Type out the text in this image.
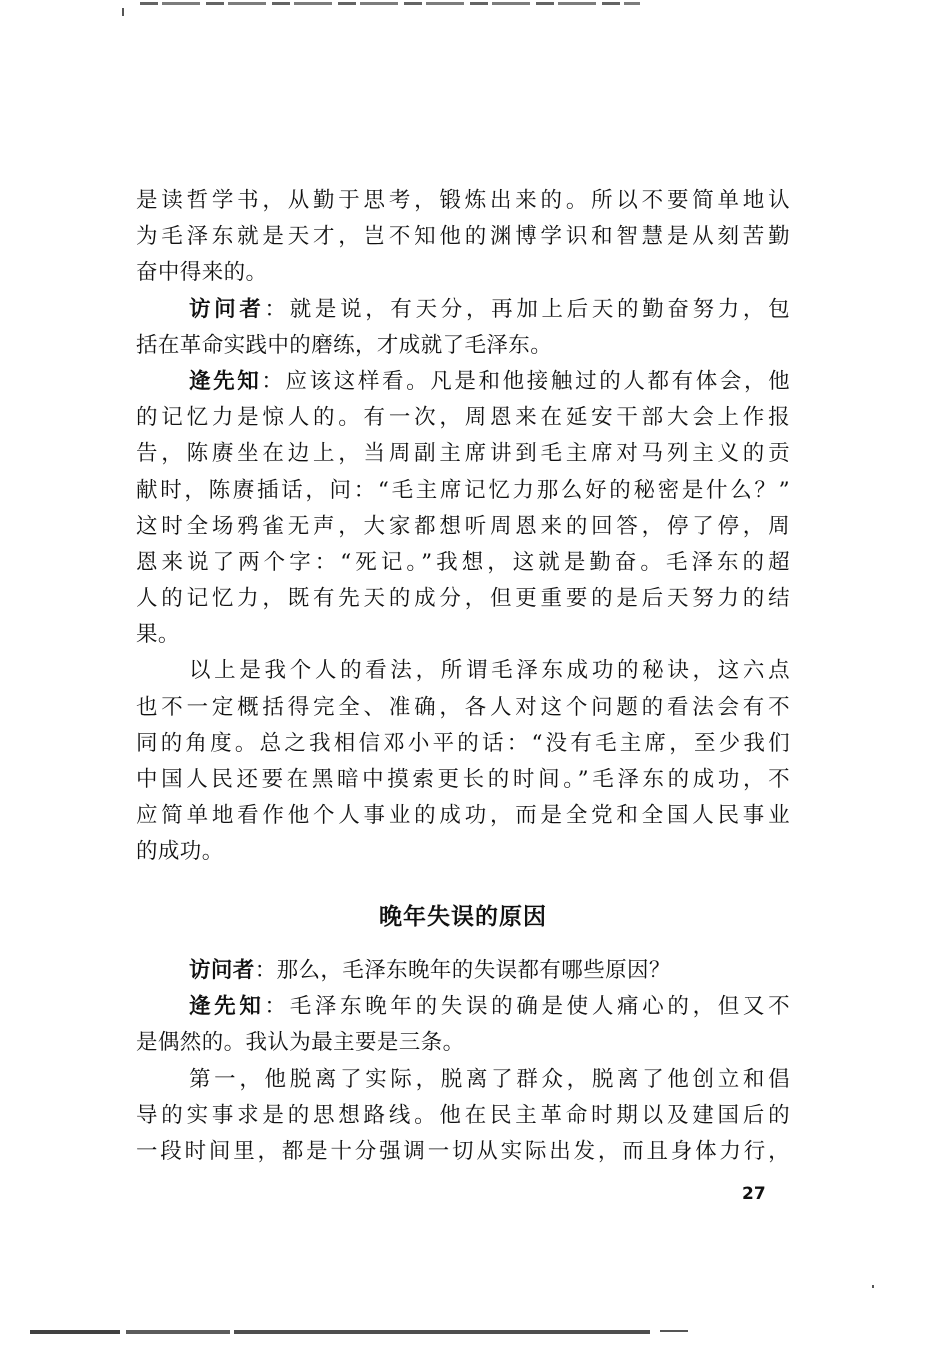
是读哲学书，从勤于思考，锻炼出来的。所以不要简单地认
为毛泽东就是天才，岂不知他的渊博学识和智慧是从刻苦勤
奋中得来的。
访问者：就是说，有天分，再加上后天的勤奋努力，包
括在革命实践中的磨练，才成就了毛泽东。
逄先知：应该这样看。凡是和他接触过的人都有体会，他
的记忆力是惊人的。有一次，周恩来在延安干部大会上作报
告，陈赓坐在边上，当周副主席讲到毛主席对马列主义的贡
献时，陈赓插话，问：“毛主席记忆力那么好的秘密是什么？”
这时全场鸦雀无声，大家都想听周恩来的回答，停了停，周
恩来说了两个字：“死记。”我想，这就是勤奋。毛泽东的超
人的记忆力，既有先天的成分，但更重要的是后天努力的结
果。
以上是我个人的看法，所谓毛泽东成功的秘诀，这六点
也不一定概括得完全、准确，各人对这个问题的看法会有不
同的角度。总之我相信邓小平的话：“没有毛主席，至少我们
中国人民还要在黑暗中摸索更长的时间。”毛泽东的成功，不
应简单地看作他个人事业的成功，而是全党和全国人民事业
的成功。
晚年失误的原因
访问者：那么，毛泽东晚年的失误都有哪些原因？
逄先知：毛泽东晚年的失误的确是使人痛心的，但又不
是偶然的。我认为最主要是三条。
第一，他脱离了实际，脱离了群众，脱离了他创立和倡
导的实事求是的思想路线。他在民主革命时期以及建国后的
一段时间里，都是十分强调一切从实际出发，而且身体力行，
27
